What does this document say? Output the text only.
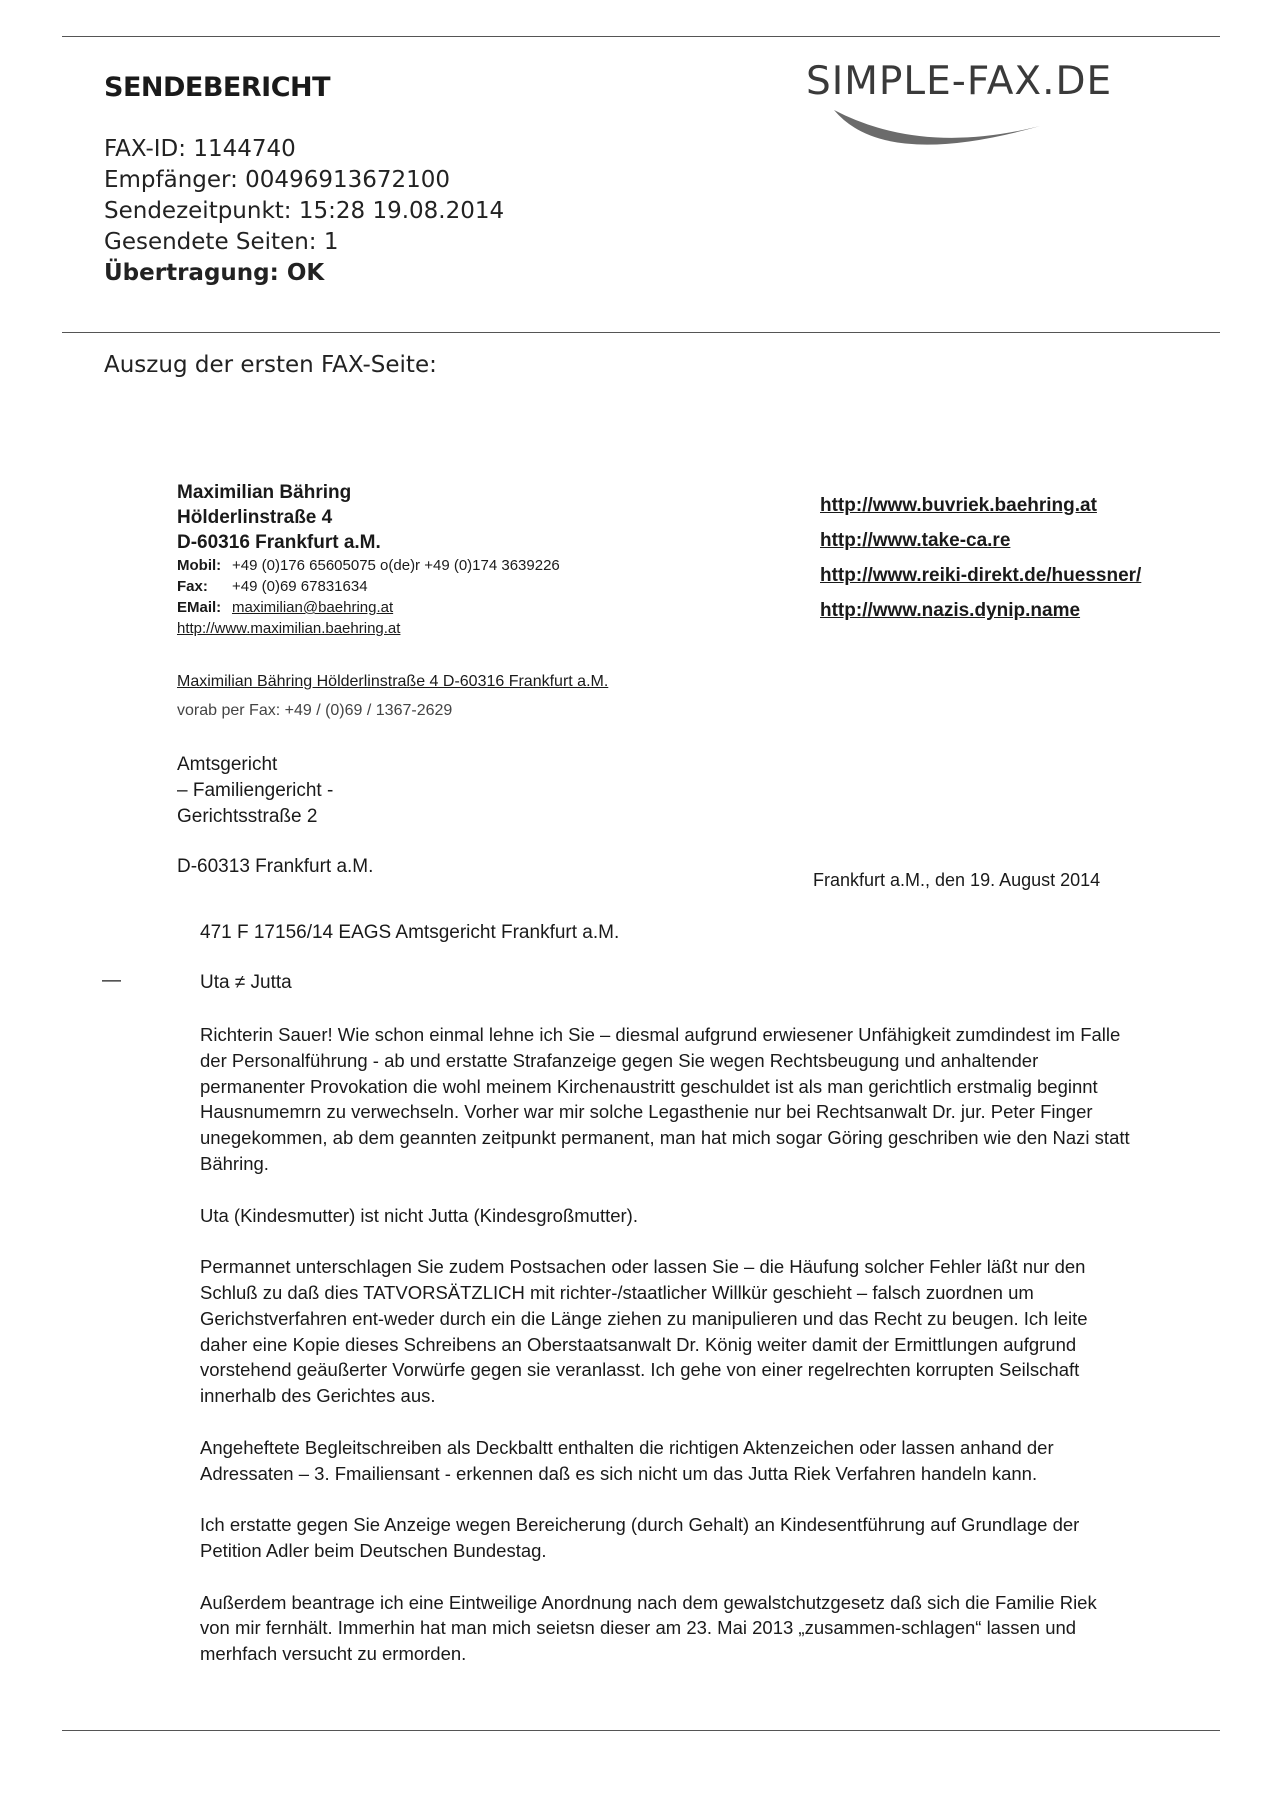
SENDEBERICHT	SIMPLE-FAX.DE
FAX-ID: 1144740
Empfänger: 00496913672100
Sendezeitpunkt: 15:28 19.08.2014
Gesendete Seiten: 1
Übertragung: OK
Auszug der ersten FAX-Seite:
Maximilian Bähring
Hölderlinstraße 4
D-60316 Frankfurt a.M.
Mobil: +49 (0)176 65605075 o(de)r +49 (0)174 3639226
Fax: +49 (0)69 67831634
EMail: maximilian@baehring.at
http://www.maximilian.baehring.at
http://www.buvriek.baehring.at
http://www.take-ca.re
http://www.reiki-direkt.de/huessner/
http://www.nazis.dynip.name
Maximilian Bähring Hölderlinstraße 4 D-60316 Frankfurt a.M.
vorab per Fax: +49 / (0)69 / 1367-2629
Amtsgericht
– Familiengericht -
Gerichtsstraße 2
D-60313 Frankfurt a.M.
Frankfurt a.M., den 19. August 2014
471 F 17156/14 EAGS Amtsgericht Frankfurt a.M.
—	Uta ≠ Jutta

Richterin Sauer! Wie schon einmal lehne ich Sie – diesmal aufgrund erwiesener Unfähigkeit zumdindest im Falle der Personalführung - ab und erstatte Strafanzeige gegen Sie wegen Rechtsbeugung und anhaltender permanenter Provokation die wohl meinem Kirchenaustritt geschuldet ist als man gerichtlich erstmalig beginnt Hausnumemrn zu verwechseln. Vorher war mir solche Legasthenie nur bei Rechtsanwalt Dr. jur. Peter Finger unegekommen, ab dem geannten zeitpunkt permanent, man hat mich sogar Göring geschriben wie den Nazi statt Bähring.

Uta (Kindesmutter) ist nicht Jutta (Kindesgroßmutter).

Permannet unterschlagen Sie zudem Postsachen oder lassen Sie – die Häufung solcher Fehler läßt nur den Schluß zu daß dies TATVORSÄTZLICH mit richter-/staatlicher Willkür geschieht – falsch zuordnen um Gerichstverfahren ent-weder durch ein die Länge ziehen zu manipulieren und das Recht zu beugen. Ich leite daher eine Kopie dieses Schreibens an Oberstaatsanwalt Dr. König weiter damit der Ermittlungen aufgrund vorstehend geäußerter Vorwürfe gegen sie veranlasst. Ich gehe von einer regelrechten korrupten Seilschaft innerhalb des Gerichtes aus.

Angeheftete Begleitschreiben als Deckbaltt enthalten die richtigen Aktenzeichen oder lassen anhand der Adressaten – 3. Fmailiensant - erkennen daß es sich nicht um das Jutta Riek Verfahren handeln kann.

Ich erstatte gegen Sie Anzeige wegen Bereicherung (durch Gehalt) an Kindesentführung auf Grundlage der Petition Adler beim Deutschen Bundestag.

Außerdem beantrage ich eine Eintweilige Anordnung nach dem gewalstchutzgesetz daß sich die Familie Riek von mir fernhält. Immerhin hat man mich seietsn dieser am 23. Mai 2013 „zusammen-schlagen“ lassen und merhfach versucht zu ermorden.
